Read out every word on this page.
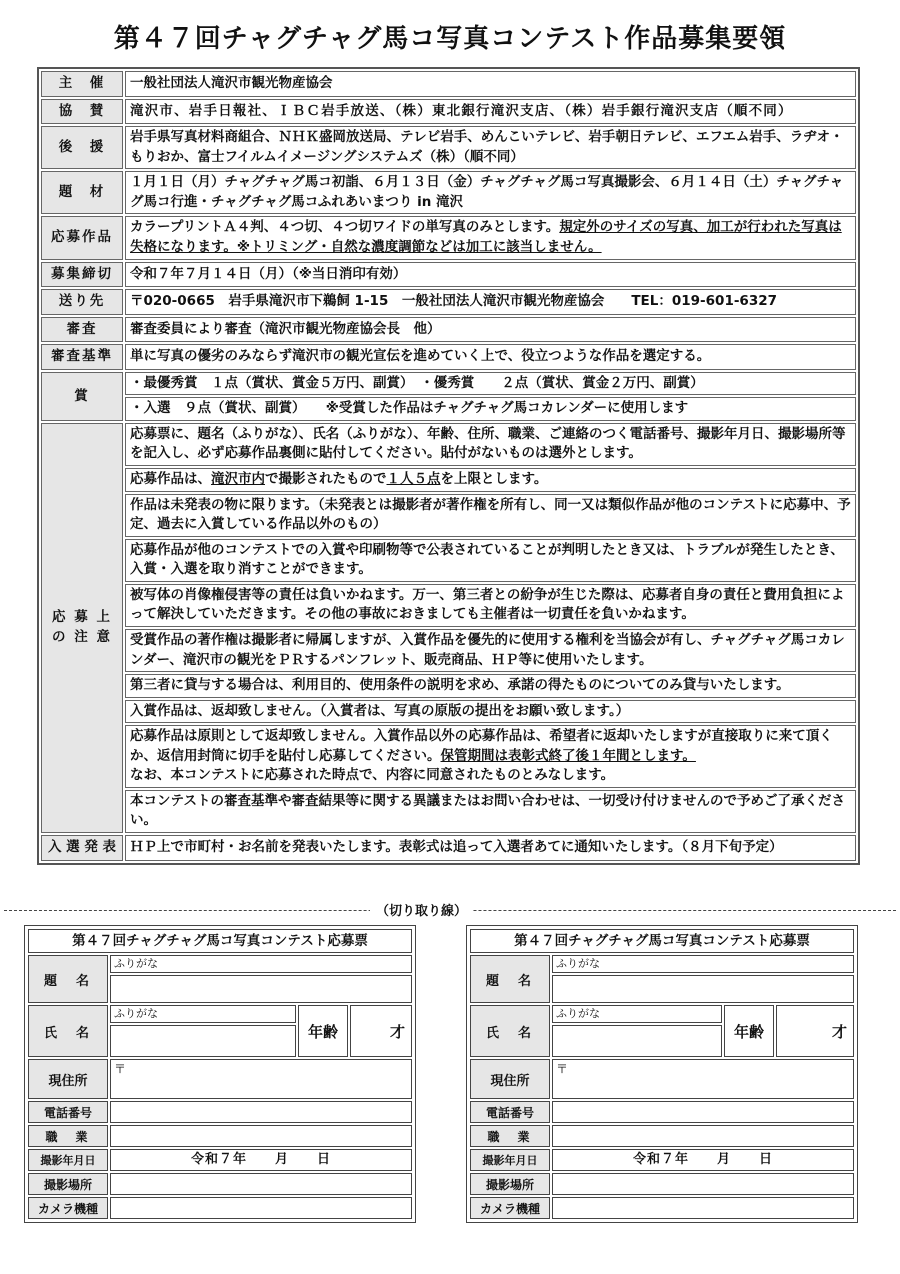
第４７回チャグチャグ馬コ写真コンテスト作品募集要領
主　催	一般社団法人滝沢市観光物産協会
協　賛	滝沢市、岩手日報社、ＩＢＣ岩手放送、（株）東北銀行滝沢支店、（株）岩手銀行滝沢支店（順不同）
後　援	岩手県写真材料商組合、ＮＨＫ盛岡放送局、テレビ岩手、めんこいテレビ、岩手朝日テレビ、エフエム岩手、ラヂオ・もりおか、富士フイルムイメージングシステムズ（株）（順不同）
題　材	１月１日（月）チャグチャグ馬コ初詣、６月１３日（金）チャグチャグ馬コ写真撮影会、６月１４日（土）チャグチャグ馬コ行進・チャグチャグ馬コふれあいまつり in 滝沢
応募作品	カラープリントＡ４判、４つ切、４つ切ワイドの単写真のみとします。規定外のサイズの写真、加工が行われた写真は失格になります。※トリミング・自然な濃度調節などは加工に該当しません。
募集締切	令和７年７月１４日（月）（※当日消印有効）
送り先	〒020-0665　岩手県滝沢市下鵜飼 1-15　一般社団法人滝沢市観光物産協会　　TEL：019-601-6327
審査	審査委員により審査（滝沢市観光物産協会長　他）
審査基準	単に写真の優劣のみならず滝沢市の観光宣伝を進めていく上で、役立つような作品を選定する。
賞	・最優秀賞　１点（賞状、賞金５万円、副賞）　・優秀賞　　２点（賞状、賞金２万円、副賞）
	・入選　９点（賞状、副賞）　　※受賞した作品はチャグチャグ馬コカレンダーに使用します

応 募 上
の 注 意	応募票に、題名（ふりがな）、氏名（ふりがな）、年齢、住所、職業、ご連絡のつく電話番号、撮影年月日、撮影場所等を記入し、必ず応募作品裏側に貼付してください。貼付がないものは選外とします。
	応募作品は、滝沢市内で撮影されたもので１人５点を上限とします。
	作品は未発表の物に限ります。（未発表とは撮影者が著作権を所有し、同一又は類似作品が他のコンテストに応募中、予定、過去に入賞している作品以外のもの）
	応募作品が他のコンテストでの入賞や印刷物等で公表されていることが判明したとき又は、トラブルが発生したとき、入賞・入選を取り消すことができます。
	被写体の肖像権侵害等の責任は負いかねます。万一、第三者との紛争が生じた際は、応募者自身の責任と費用負担によって解決していただきます。その他の事故におきましても主催者は一切責任を負いかねます。
	受賞作品の著作権は撮影者に帰属しますが、入賞作品を優先的に使用する権利を当協会が有し、チャグチャグ馬コカレンダー、滝沢市の観光をＰＲするパンフレット、販売商品、ＨＰ等に使用いたします。
	第三者に貸与する場合は、利用目的、使用条件の説明を求め、承諾の得たものについてのみ貸与いたします。
	入賞作品は、返却致しません。（入賞者は、写真の原版の提出をお願い致します。）
	応募作品は原則として返却致しません。入賞作品以外の応募作品は、希望者に返却いたしますが直接取りに来て頂くか、返信用封筒に切手を貼付し応募してください。保管期間は表彰式終了後１年間とします。
なお、本コンテストに応募された時点で、内容に同意されたものとみなします。
	本コンテストの審査基準や審査結果等に関する異議またはお問い合わせは、一切受け付けませんので予めご了承ください。
入 選 発 表	ＨＰ上で市町村・お名前を発表いたします。表彰式は追って入選者あてに通知いたします。（８月下旬予定）
（切り取り線）
第４７回チャグチャグ馬コ写真コンテスト応募票
題　名
ふりがな
氏　名
ふりがな
年齢	才
現住所
〒
電話番号
職　業
撮影年月日	令和７年　　月　　日
撮影場所
カメラ機種
第４７回チャグチャグ馬コ写真コンテスト応募票
題　名
ふりがな
氏　名
ふりがな
年齢	才
現住所
〒
電話番号
職　業
撮影年月日	令和７年　　月　　日
撮影場所
カメラ機種
